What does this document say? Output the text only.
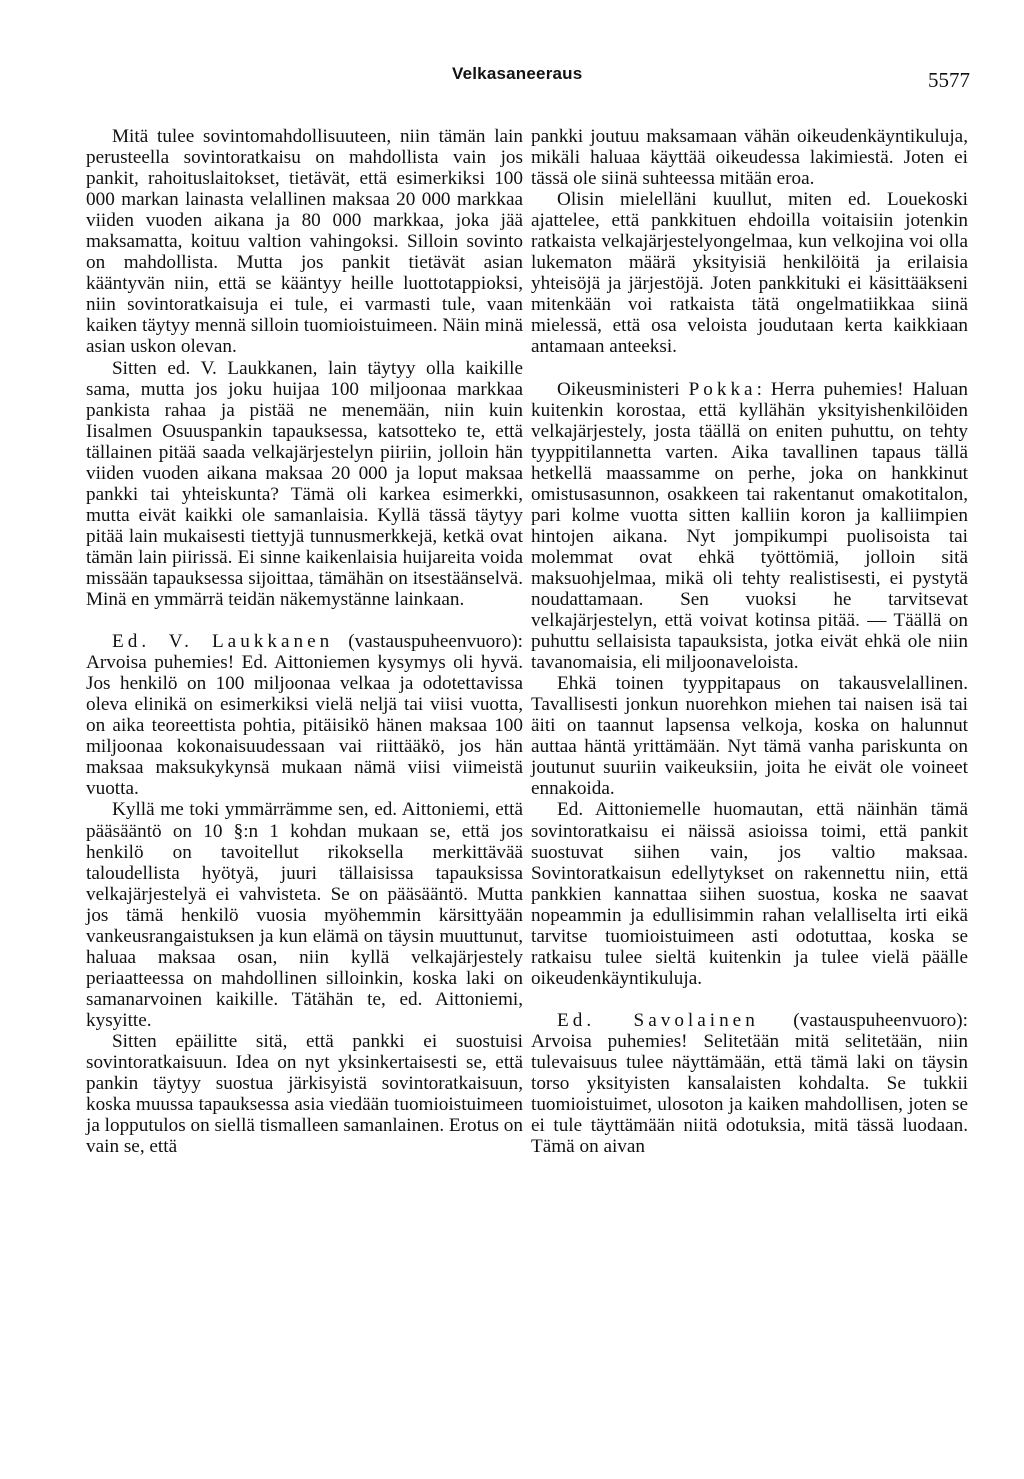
Velkasaneeraus	5577

Mitä tulee sovintomahdollisuuteen, niin tämän lain perusteella sovintoratkaisu on mahdollista vain jos pankit, rahoituslaitokset, tietävät, että esimerkiksi 100 000 markan lainasta velallinen maksaa 20 000 markkaa viiden vuoden aikana ja 80 000 markkaa, joka jää maksamatta, koituu valtion vahingoksi. Silloin sovinto on mahdollista. Mutta jos pankit tietävät asian kääntyvän niin, että se kääntyy heille luottotappioksi, niin sovintoratkaisuja ei tule, ei varmasti tule, vaan kaiken täytyy mennä silloin tuomioistuimeen. Näin minä asian uskon olevan.

Sitten ed. V. Laukkanen, lain täytyy olla kaikille sama, mutta jos joku huijaa 100 miljoonaa markkaa pankista rahaa ja pistää ne menemään, niin kuin Iisalmen Osuuspankin tapauksessa, katsotteko te, että tällainen pitää saada velkajärjestelyn piiriin, jolloin hän viiden vuoden aikana maksaa 20 000 ja loput maksaa pankki tai yhteiskunta? Tämä oli karkea esimerkki, mutta eivät kaikki ole samanlaisia. Kyllä tässä täytyy pitää lain mukaisesti tiettyjä tunnusmerkkejä, ketkä ovat tämän lain piirissä. Ei sinne kaikenlaisia huijareita voida missään tapauksessa sijoittaa, tämähän on itsestäänselvä. Minä en ymmärrä teidän näkemystänne lainkaan.

Ed. V. Laukkanen (vastauspuheenvuoro): Arvoisa puhemies! Ed. Aittoniemen kysymys oli hyvä. Jos henkilö on 100 miljoonaa velkaa ja odotettavissa oleva elinikä on esimerkiksi vielä neljä tai viisi vuotta, on aika teoreettista pohtia, pitäisikö hänen maksaa 100 miljoonaa kokonaisuudessaan vai riittääkö, jos hän maksaa maksukykynsä mukaan nämä viisi viimeistä vuotta.

Kyllä me toki ymmärrämme sen, ed. Aittoniemi, että pääsääntö on 10 §:n 1 kohdan mukaan se, että jos henkilö on tavoitellut rikoksella merkittävää taloudellista hyötyä, juuri tällaisissa tapauksissa velkajärjestelyä ei vahvisteta. Se on pääsääntö. Mutta jos tämä henkilö vuosia myöhemmin kärsittyään vankeusrangaistuksen ja kun elämä on täysin muuttunut, haluaa maksaa osan, niin kyllä velkajärjestely periaatteessa on mahdollinen silloinkin, koska laki on samanarvoinen kaikille. Tätähän te, ed. Aittoniemi, kysyitte.

Sitten epäilitte sitä, että pankki ei suostuisi sovintoratkaisuun. Idea on nyt yksinkertaisesti se, että pankin täytyy suostua järkisyistä sovintoratkaisuun, koska muussa tapauksessa asia viedään tuomioistuimeen ja lopputulos on siellä tismalleen samanlainen. Erotus on vain se, että

pankki joutuu maksamaan vähän oikeudenkäyntikuluja, mikäli haluaa käyttää oikeudessa lakimiestä. Joten ei tässä ole siinä suhteessa mitään eroa.

Olisin mielelläni kuullut, miten ed. Louekoski ajattelee, että pankkituen ehdoilla voitaisiin jotenkin ratkaista velkajärjestelyongelmaa, kun velkojina voi olla lukematon määrä yksityisiä henkilöitä ja erilaisia yhteisöjä ja järjestöjä. Joten pankkituki ei käsittääkseni mitenkään voi ratkaista tätä ongelmatiikkaa siinä mielessä, että osa veloista joudutaan kerta kaikkiaan antamaan anteeksi.

Oikeusministeri Pokka: Herra puhemies! Haluan kuitenkin korostaa, että kyllähän yksityishenkilöiden velkajärjestely, josta täällä on eniten puhuttu, on tehty tyyppitilannetta varten. Aika tavallinen tapaus tällä hetkellä maassamme on perhe, joka on hankkinut omistusasunnon, osakkeen tai rakentanut omakotitalon, pari kolme vuotta sitten kalliin koron ja kalliimpien hintojen aikana. Nyt jompikumpi puolisoista tai molemmat ovat ehkä työttömiä, jolloin sitä maksuohjelmaa, mikä oli tehty realistisesti, ei pystytä noudattamaan. Sen vuoksi he tarvitsevat velkajärjestelyn, että voivat kotinsa pitää. — Täällä on puhuttu sellaisista tapauksista, jotka eivät ehkä ole niin tavanomaisia, eli miljoonaveloista.

Ehkä toinen tyyppitapaus on takausvelallinen. Tavallisesti jonkun nuorehkon miehen tai naisen isä tai äiti on taannut lapsensa velkoja, koska on halunnut auttaa häntä yrittämään. Nyt tämä vanha pariskunta on joutunut suuriin vaikeuksiin, joita he eivät ole voineet ennakoida.

Ed. Aittoniemelle huomautan, että näinhän tämä sovintoratkaisu ei näissä asioissa toimi, että pankit suostuvat siihen vain, jos valtio maksaa. Sovintoratkaisun edellytykset on rakennettu niin, että pankkien kannattaa siihen suostua, koska ne saavat nopeammin ja edullisimmin rahan velalliselta irti eikä tarvitse tuomioistuimeen asti odotuttaa, koska se ratkaisu tulee sieltä kuitenkin ja tulee vielä päälle oikeudenkäyntikuluja.

Ed. Savolainen (vastauspuheenvuoro): Arvoisa puhemies! Selitetään mitä selitetään, niin tulevaisuus tulee näyttämään, että tämä laki on täysin torso yksityisten kansalaisten kohdalta. Se tukkii tuomioistuimet, ulosoton ja kaiken mahdollisen, joten se ei tule täyttämään niitä odotuksia, mitä tässä luodaan. Tämä on aivan
